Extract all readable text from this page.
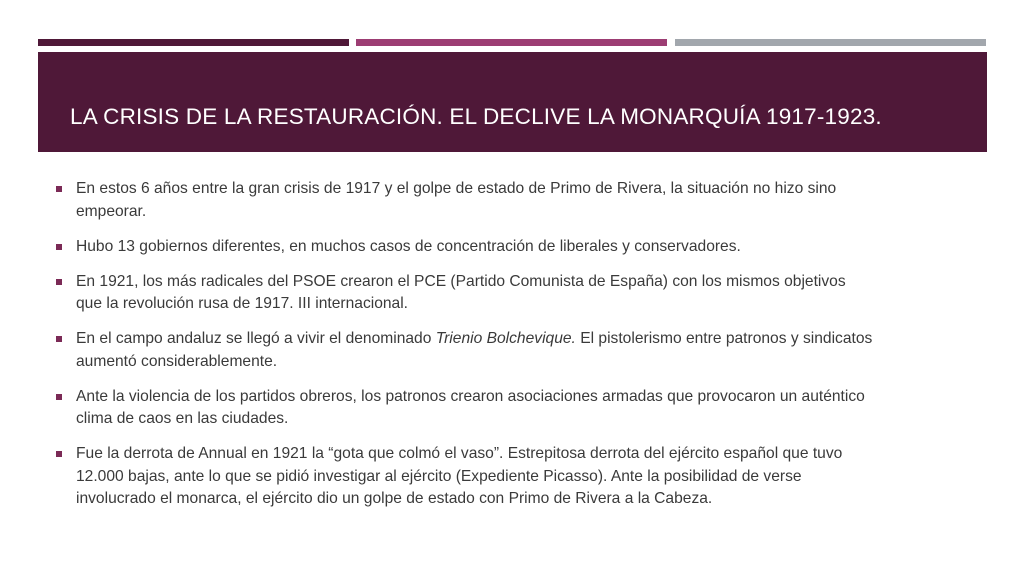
LA CRISIS DE LA RESTAURACIÓN. EL DECLIVE LA MONARQUÍA 1917-1923.
En estos 6 años entre la gran crisis de 1917 y el golpe de estado de Primo de Rivera, la situación no hizo sino empeorar.
Hubo 13 gobiernos diferentes, en muchos casos de concentración de liberales y conservadores.
En 1921, los más radicales del PSOE crearon el PCE (Partido Comunista de España) con los mismos objetivos que la revolución rusa de 1917. III internacional.
En el campo andaluz se llegó a vivir el denominado Trienio Bolchevique. El pistolerismo entre patronos y sindicatos aumentó considerablemente.
Ante la violencia de los partidos obreros, los patronos crearon asociaciones armadas que provocaron un auténtico clima de caos en las ciudades.
Fue la derrota de Annual en 1921 la “gota que colmó el vaso”. Estrepitosa derrota del ejército español que tuvo 12.000 bajas, ante lo que se pidió investigar al ejército (Expediente Picasso). Ante la posibilidad de verse involucrado el monarca, el ejército dio un golpe de estado con Primo de Rivera a la Cabeza.
